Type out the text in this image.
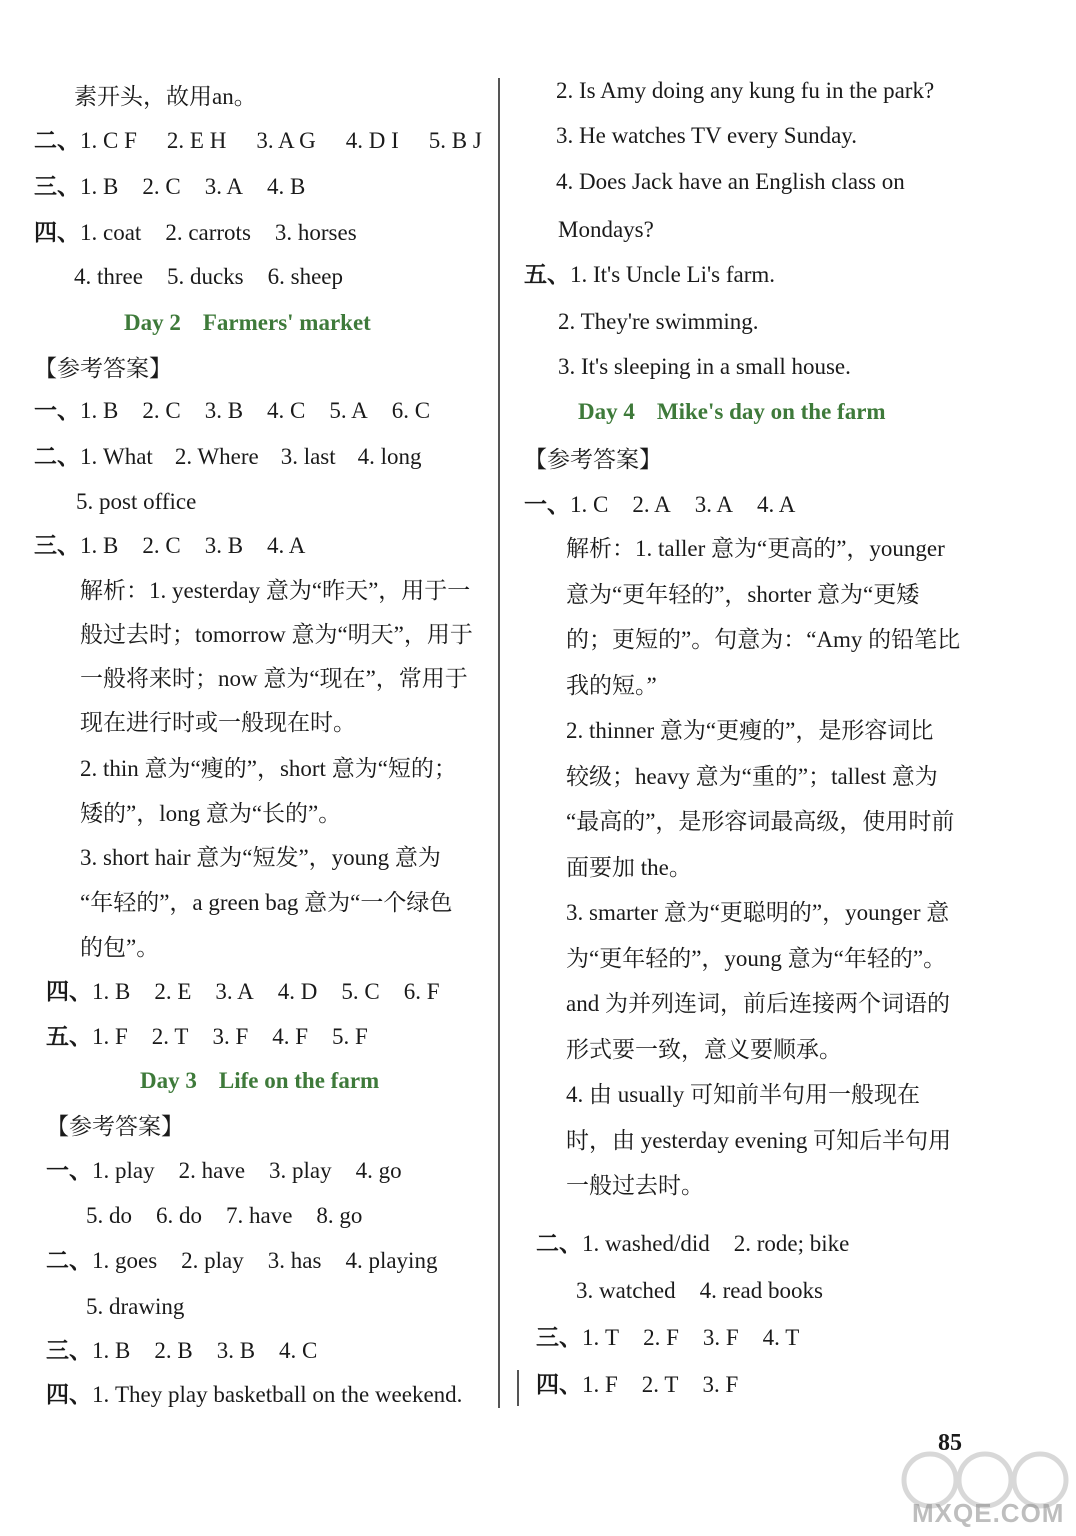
素开头，故用an。
二、1. C F 2. E H 3. A G 4. D I 5. B J
三、1. B 2. C 3. A 4. B
四、1. coat 2. carrots 3. horses
4. three 5. ducks 6. sheep
Day 2 Farmers' market
【参考答案】
一、1. B 2. C 3. B 4. C 5. A 6. C
二、1. What 2. Where 3. last 4. long
5. post office
三、1. B 2. C 3. B 4. A
解析：1. yesterday 意为“昨天”，用于一
般过去时；tomorrow 意为“明天”，用于
一般将来时；now 意为“现在”，常用于
现在进行时或一般现在时。
2. thin 意为“瘦的”，short 意为“短的；
矮的”，long 意为“长的”。
3. short hair 意为“短发”，young 意为
“年轻的”，a green bag 意为“一个绿色
的包”。
四、1. B 2. E 3. A 4. D 5. C 6. F
五、1. F 2. T 3. F 4. F 5. F
Day 3 Life on the farm
【参考答案】
一、1. play 2. have 3. play 4. go
5. do 6. do 7. have 8. go
二、1. goes 2. play 3. has 4. playing
5. drawing
三、1. B 2. B 3. B 4. C
四、1. They play basketball on the weekend.
2. Is Amy doing any kung fu in the park?
3. He watches TV every Sunday.
4. Does Jack have an English class on
Mondays?
五、1. It's Uncle Li's farm.
2. They're swimming.
3. It's sleeping in a small house.
Day 4 Mike's day on the farm
【参考答案】
一、1. C 2. A 3. A 4. A
解析：1. taller 意为“更高的”，younger
意为“更年轻的”，shorter 意为“更矮
的；更短的”。句意为：“Amy 的铅笔比
我的短。”
2. thinner 意为“更瘦的”，是形容词比
较级；heavy 意为“重的”；tallest 意为
“最高的”，是形容词最高级，使用时前
面要加 the。
3. smarter 意为“更聪明的”，younger 意
为“更年轻的”，young 意为“年轻的”。
and 为并列连词，前后连接两个词语的
形式要一致，意义要顺承。
4. 由 usually 可知前半句用一般现在
时，由 yesterday evening 可知后半句用
一般过去时。
二、1. washed/did 2. rode; bike
3. watched 4. read books
三、1. T 2. F 3. F 4. T
四、1. F 2. T 3. F
85
MXQE.COM
